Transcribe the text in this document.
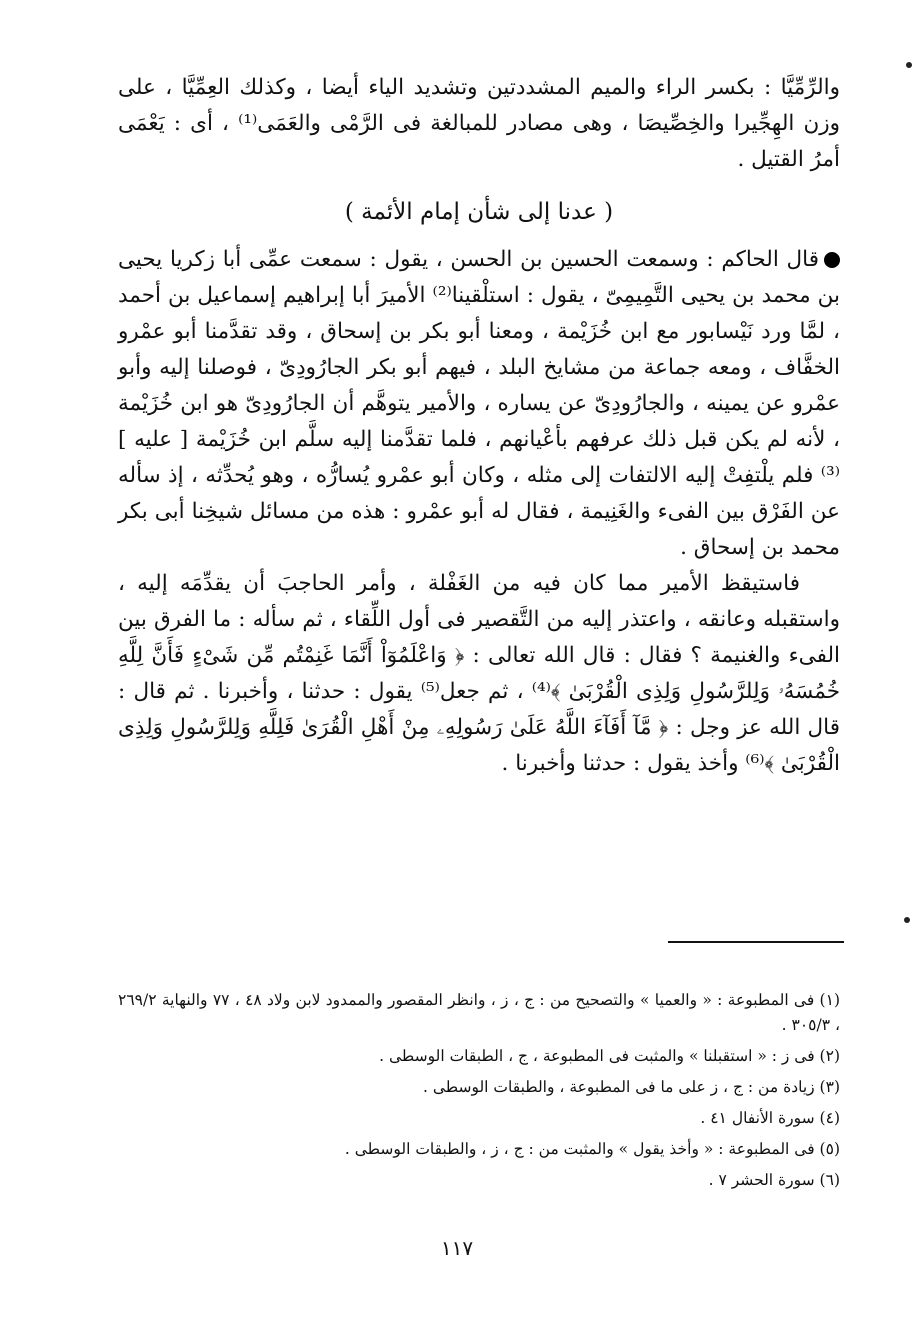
والرِّمِّيَّا : بكسر الراء والميم المشددتين وتشديد الياء أيضا ، وكذلك العِمِّيَّا ، على وزن الهِجِّيرا والخِصِّيصَا ، وهى مصادر للمبالغة فى الرَّمْى والعَمَى⁽¹⁾ ، أى : يَعْمَى أمرُ القتيل .

( عدنا إلى شأن إمام الأئمة )

قال الحاكم : وسمعت الحسين بن الحسن ، يقول : سمعت عمِّى أبا زكريا يحيى بن محمد بن يحيى التَّمِيمِىّ ، يقول : استلْقينا⁽²⁾ الأميرَ أبا إبراهيم إسماعيل بن أحمد ، لمَّا ورد نَيْسابور مع ابن خُزَيْمة ، ومعنا أبو بكر بن إسحاق ، وقد تقدَّمنا أبو عمْرو الخفَّاف ، ومعه جماعة من مشايخ البلد ، فيهم أبو بكر الجارُودِىّ ، فوصلنا إليه وأبو عمْرو عن يمينه ، والجارُودِىّ عن يساره ، والأمير يتوهَّم أن الجارُودِىّ هو ابن خُزَيْمة ، لأنه لم يكن قبل ذلك عرفهم بأعْيانهم ، فلما تقدَّمنا إليه سلَّم ابن خُزَيْمة [ عليه ]⁽³⁾ فلم يلْتفِتْ إليه الالتفات إلى مثله ، وكان أبو عمْرو يُسارُّه ، وهو يُحدِّثه ، إذ سأله عن الفَرْق بين الفىء والغَنِيمة ، فقال له أبو عمْرو : هذه من مسائل شيخِنا أبى بكر محمد بن إسحاق .

فاستيقظ الأمير مما كان فيه من الغَفْلة ، وأمر الحاجبَ أن يقدِّمَه إليه ، واستقبله وعانقه ، واعتذر إليه من التَّقصير فى أول اللِّقاء ، ثم سأله : ما الفرق بين الفىء والغنيمة ؟ فقال : قال الله تعالى : ﴿ وَاعْلَمُوٓاْ أَنَّمَا غَنِمْتُم مِّن شَىْءٍ فَأَنَّ لِلَّهِ خُمُسَهُۥ وَلِلرَّسُولِ وَلِذِى الْقُرْبَىٰ ﴾⁽⁴⁾ ، ثم جعل⁽⁵⁾ يقول : حدثنا ، وأخبرنا . ثم قال : قال الله عز وجل : ﴿ مَّآ أَفَآءَ اللَّهُ عَلَىٰ رَسُولِهِۦ مِنْ أَهْلِ الْقُرَىٰ فَلِلَّهِ وَلِلرَّسُولِ وَلِذِى الْقُرْبَىٰ ﴾⁽⁶⁾ وأخذ يقول : حدثنا وأخبرنا .

(١) فى المطبوعة : « والعميا » والتصحيح من : ج ، ز ، وانظر المقصور والممدود لابن ولاد ٤٨ ، ٧٧ والنهاية ٢٦٩/٢ ، ٣٠٥/٣ .

(٢) فى ز : « استقبلنا » والمثبت فى المطبوعة ، ج ، الطبقات الوسطى .

(٣) زيادة من : ج ، ز على ما فى المطبوعة ، والطبقات الوسطى .

(٤) سورة الأنفال ٤١ .

(٥) فى المطبوعة : « وأخذ يقول » والمثبت من : ج ، ز ، والطبقات الوسطى .

(٦) سورة الحشر ٧ .

١١٧
